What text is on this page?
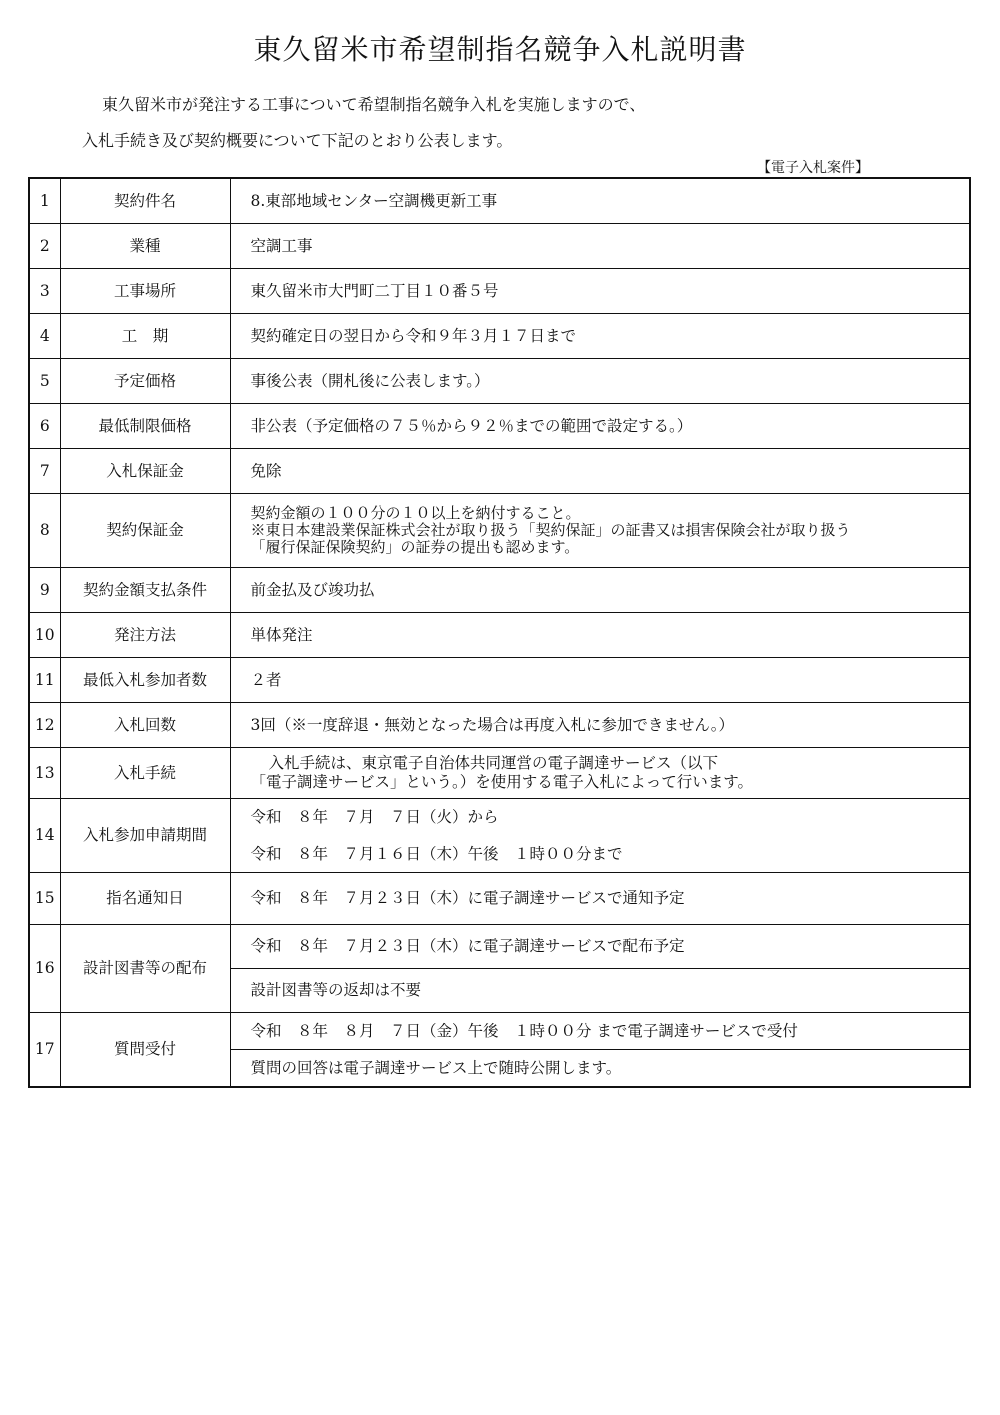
東久留米市希望制指名競争入札説明書
東久留米市が発注する工事について希望制指名競争入札を実施しますので、
入札手続き及び契約概要について下記のとおり公表します。
【電子入札案件】
1	契約件名	8.東部地域センター空調機更新工事
2	業種	空調工事
3	工事場所	東久留米市大門町二丁目１０番５号
4	工　期	契約確定日の翌日から令和９年３月１７日まで
5	予定価格	事後公表（開札後に公表します。）
6	最低制限価格	非公表（予定価格の７５％から９２％までの範囲で設定する。）
7	入札保証金	免除
8	契約保証金	契約金額の１００分の１０以上を納付すること。
※東日本建設業保証株式会社が取り扱う「契約保証」の証書又は損害保険会社が取り扱う
「履行保証保険契約」の証券の提出も認めます。

9	契約金額支払条件	前金払及び竣功払
10	発注方法	単体発注
11	最低入札参加者数	２者
12	入札回数	3回（※一度辞退・無効となった場合は再度入札に参加できません。）
13	入札手続	入札手続は、東京電子自治体共同運営の電子調達サービス（以下
「電子調達サービス」という。）を使用する電子入札によって行います。

14	入札参加申請期間	令和　８年　７月　７日（火）から
令和　８年　７月１６日（木）午後　１時００分まで

15	指名通知日	令和　８年　７月２３日（木）に電子調達サービスで通知予定
16	設計図書等の配布	令和　８年　７月２３日（木）に電子調達サービスで配布予定
		設計図書等の返却は不要
17	質問受付	令和　８年　８月　７日（金）午後　１時００分 まで電子調達サービスで受付
		質問の回答は電子調達サービス上で随時公開します。
